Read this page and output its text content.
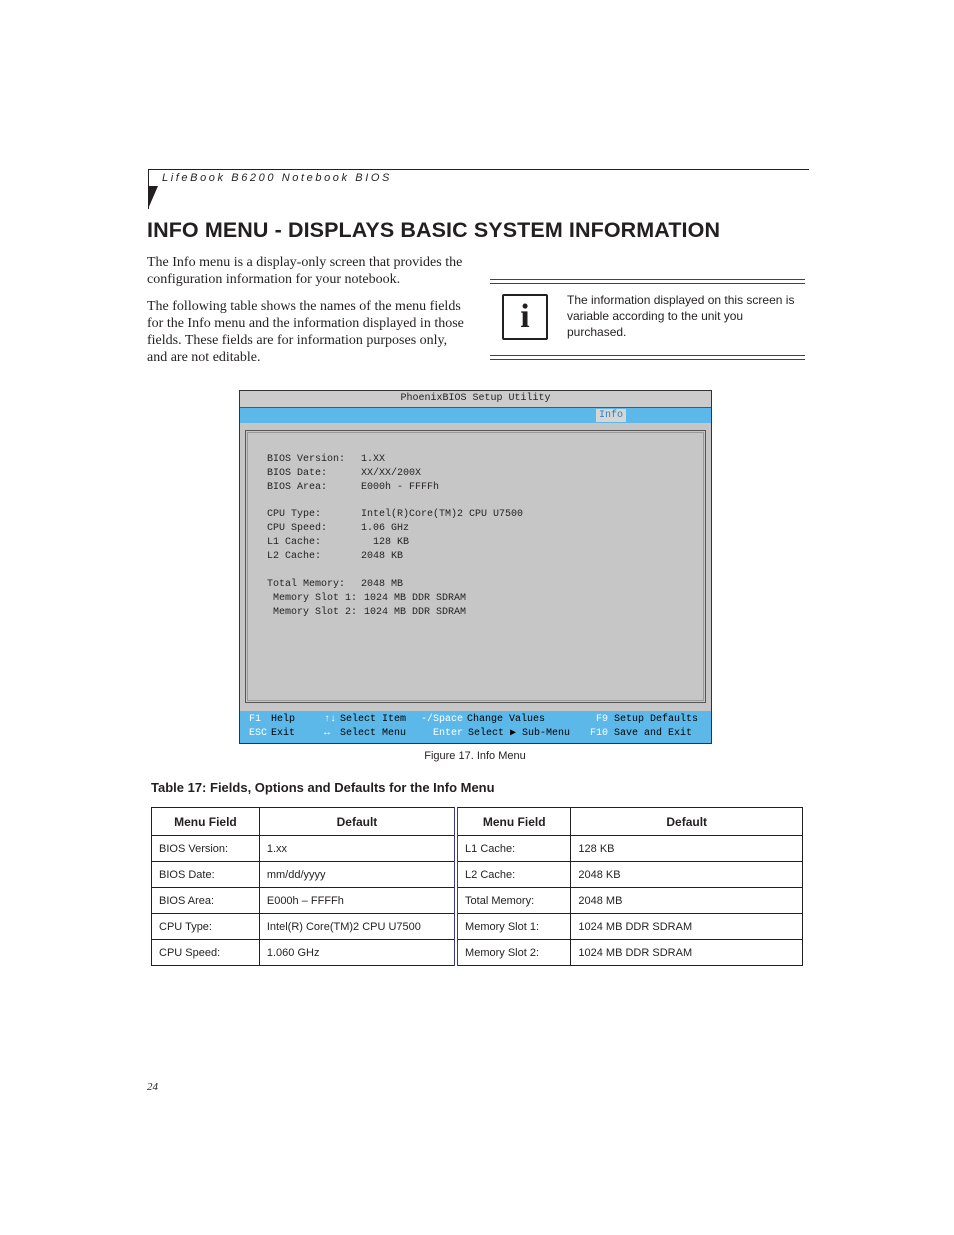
LifeBook B6200 Notebook BIOS
INFO MENU - DISPLAYS BASIC SYSTEM INFORMATION

The Info menu is a display-only screen that provides the configuration information for your notebook.

The following table shows the names of the menu fields for the Info menu and the information displayed in those fields. These fields are for information purposes only, and are not editable.

i	The information displayed on this screen is variable according to the unit you purchased.

PhoenixBIOS Setup Utility
Info
BIOS Version: 1.XX
BIOS Date:	XX/XX/200X
BIOS Area:	E000h - FFFFh
CPU Type:	Intel(R)Core(TM)2 CPU U7500
CPU Speed:	1.06 GHz
L1 Cache:	128 KB
L2 Cache:	2048 KB
Total Memory: 2048 MB
Memory Slot 1: 1024 MB DDR SDRAM
Memory Slot 2: 1024 MB DDR SDRAM
F1 Help	↑↓ Select Item -/Space Change Values	F9 Setup Defaults
ESC Exit	↔ Select Menu	Enter Select ▶ Sub-Menu F10 Save and Exit
Figure 17. Info Menu
Table 17: Fields, Options and Defaults for the Info Menu
Menu Field	Default	Menu Field	Default
BIOS Version:	1.xx	L1 Cache:	128 KB
BIOS Date:	mm/dd/yyyy	L2 Cache:	2048 KB
BIOS Area:	E000h – FFFFh	Total Memory:	2048 MB
CPU Type:	Intel(R) Core(TM)2 CPU U7500	Memory Slot 1:	1024 MB DDR SDRAM
CPU Speed:	1.060 GHz	Memory Slot 2:	1024 MB DDR SDRAM
24
